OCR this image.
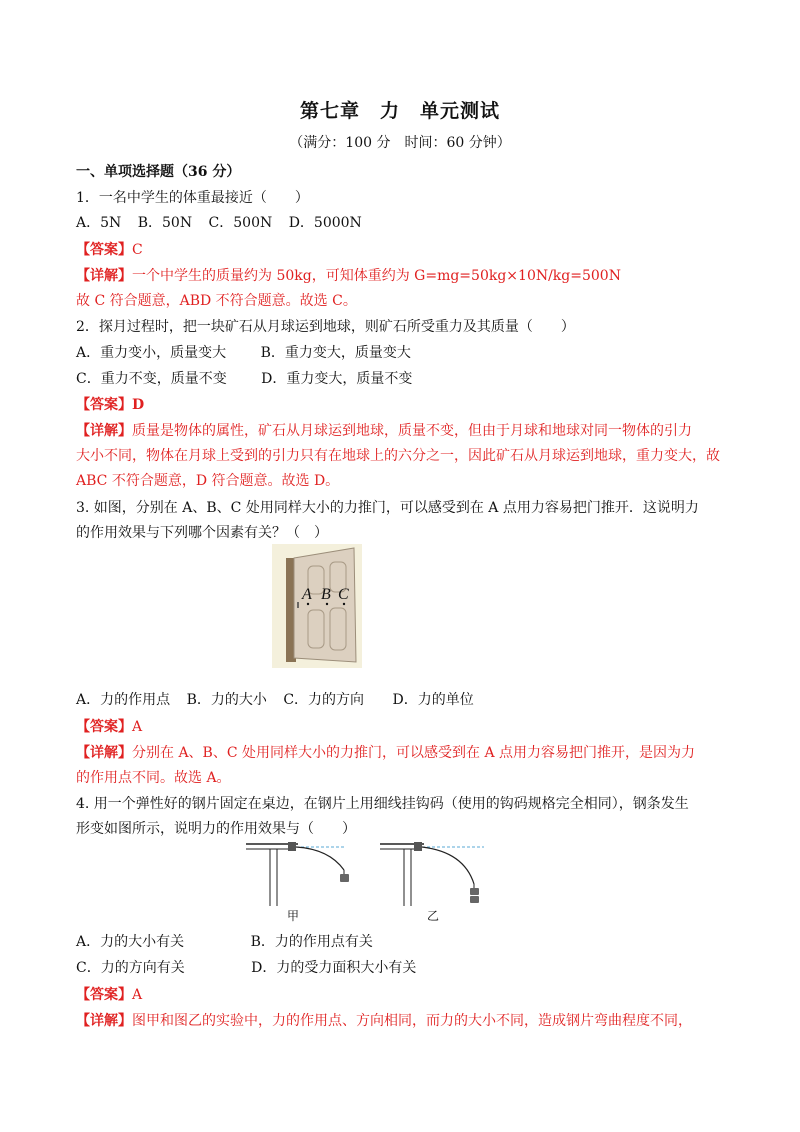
第七章　力　单元测试
（满分：100 分　时间：60 分钟）
一、单项选择题（36 分）
1．一名中学生的体重最接近（　　）
A．5N B．50N C．500N D．5000N
【答案】C
【详解】一个中学生的质量约为 50kg，可知体重约为 G=mg=50kg×10N/kg=500N
故 C 符合题意，ABD 不符合题意。故选 C。
2．探月过程时，把一块矿石从月球运到地球，则矿石所受重力及其质量（　　）
A．重力变小，质量变大 B．重力变大，质量变大
C．重力不变，质量不变 D．重力变大，质量不变
【答案】D
【详解】质量是物体的属性，矿石从月球运到地球，质量不变，但由于月球和地球对同一物体的引力
大小不同，物体在月球上受到的引力只有在地球上的六分之一，因此矿石从月球运到地球，重力变大，故
ABC 不符合题意，D 符合题意。故选 D。
3. 如图，分别在 A、B、C 处用同样大小的力推门，可以感受到在 A 点用力容易把门推开．这说明力
的作用效果与下列哪个因素有关？（　）
A B C
A．力的作用点 B．力的大小 C．力的方向 D．力的单位
【答案】A
【详解】分别在 A、B、C 处用同样大小的力推门，可以感受到在 A 点用力容易把门推开，是因为力
的作用点不同。故选 A。
4. 用一个弹性好的钢片固定在桌边，在钢片上用细线挂钩码（使用的钩码规格完全相同），钢条发生
形变如图所示，说明力的作用效果与（　　）
甲	乙
A．力的大小有关	B．力的作用点有关
C．力的方向有关	D．力的受力面积大小有关
【答案】A
【详解】图甲和图乙的实验中，力的作用点、方向相同，而力的大小不同，造成钢片弯曲程度不同，
